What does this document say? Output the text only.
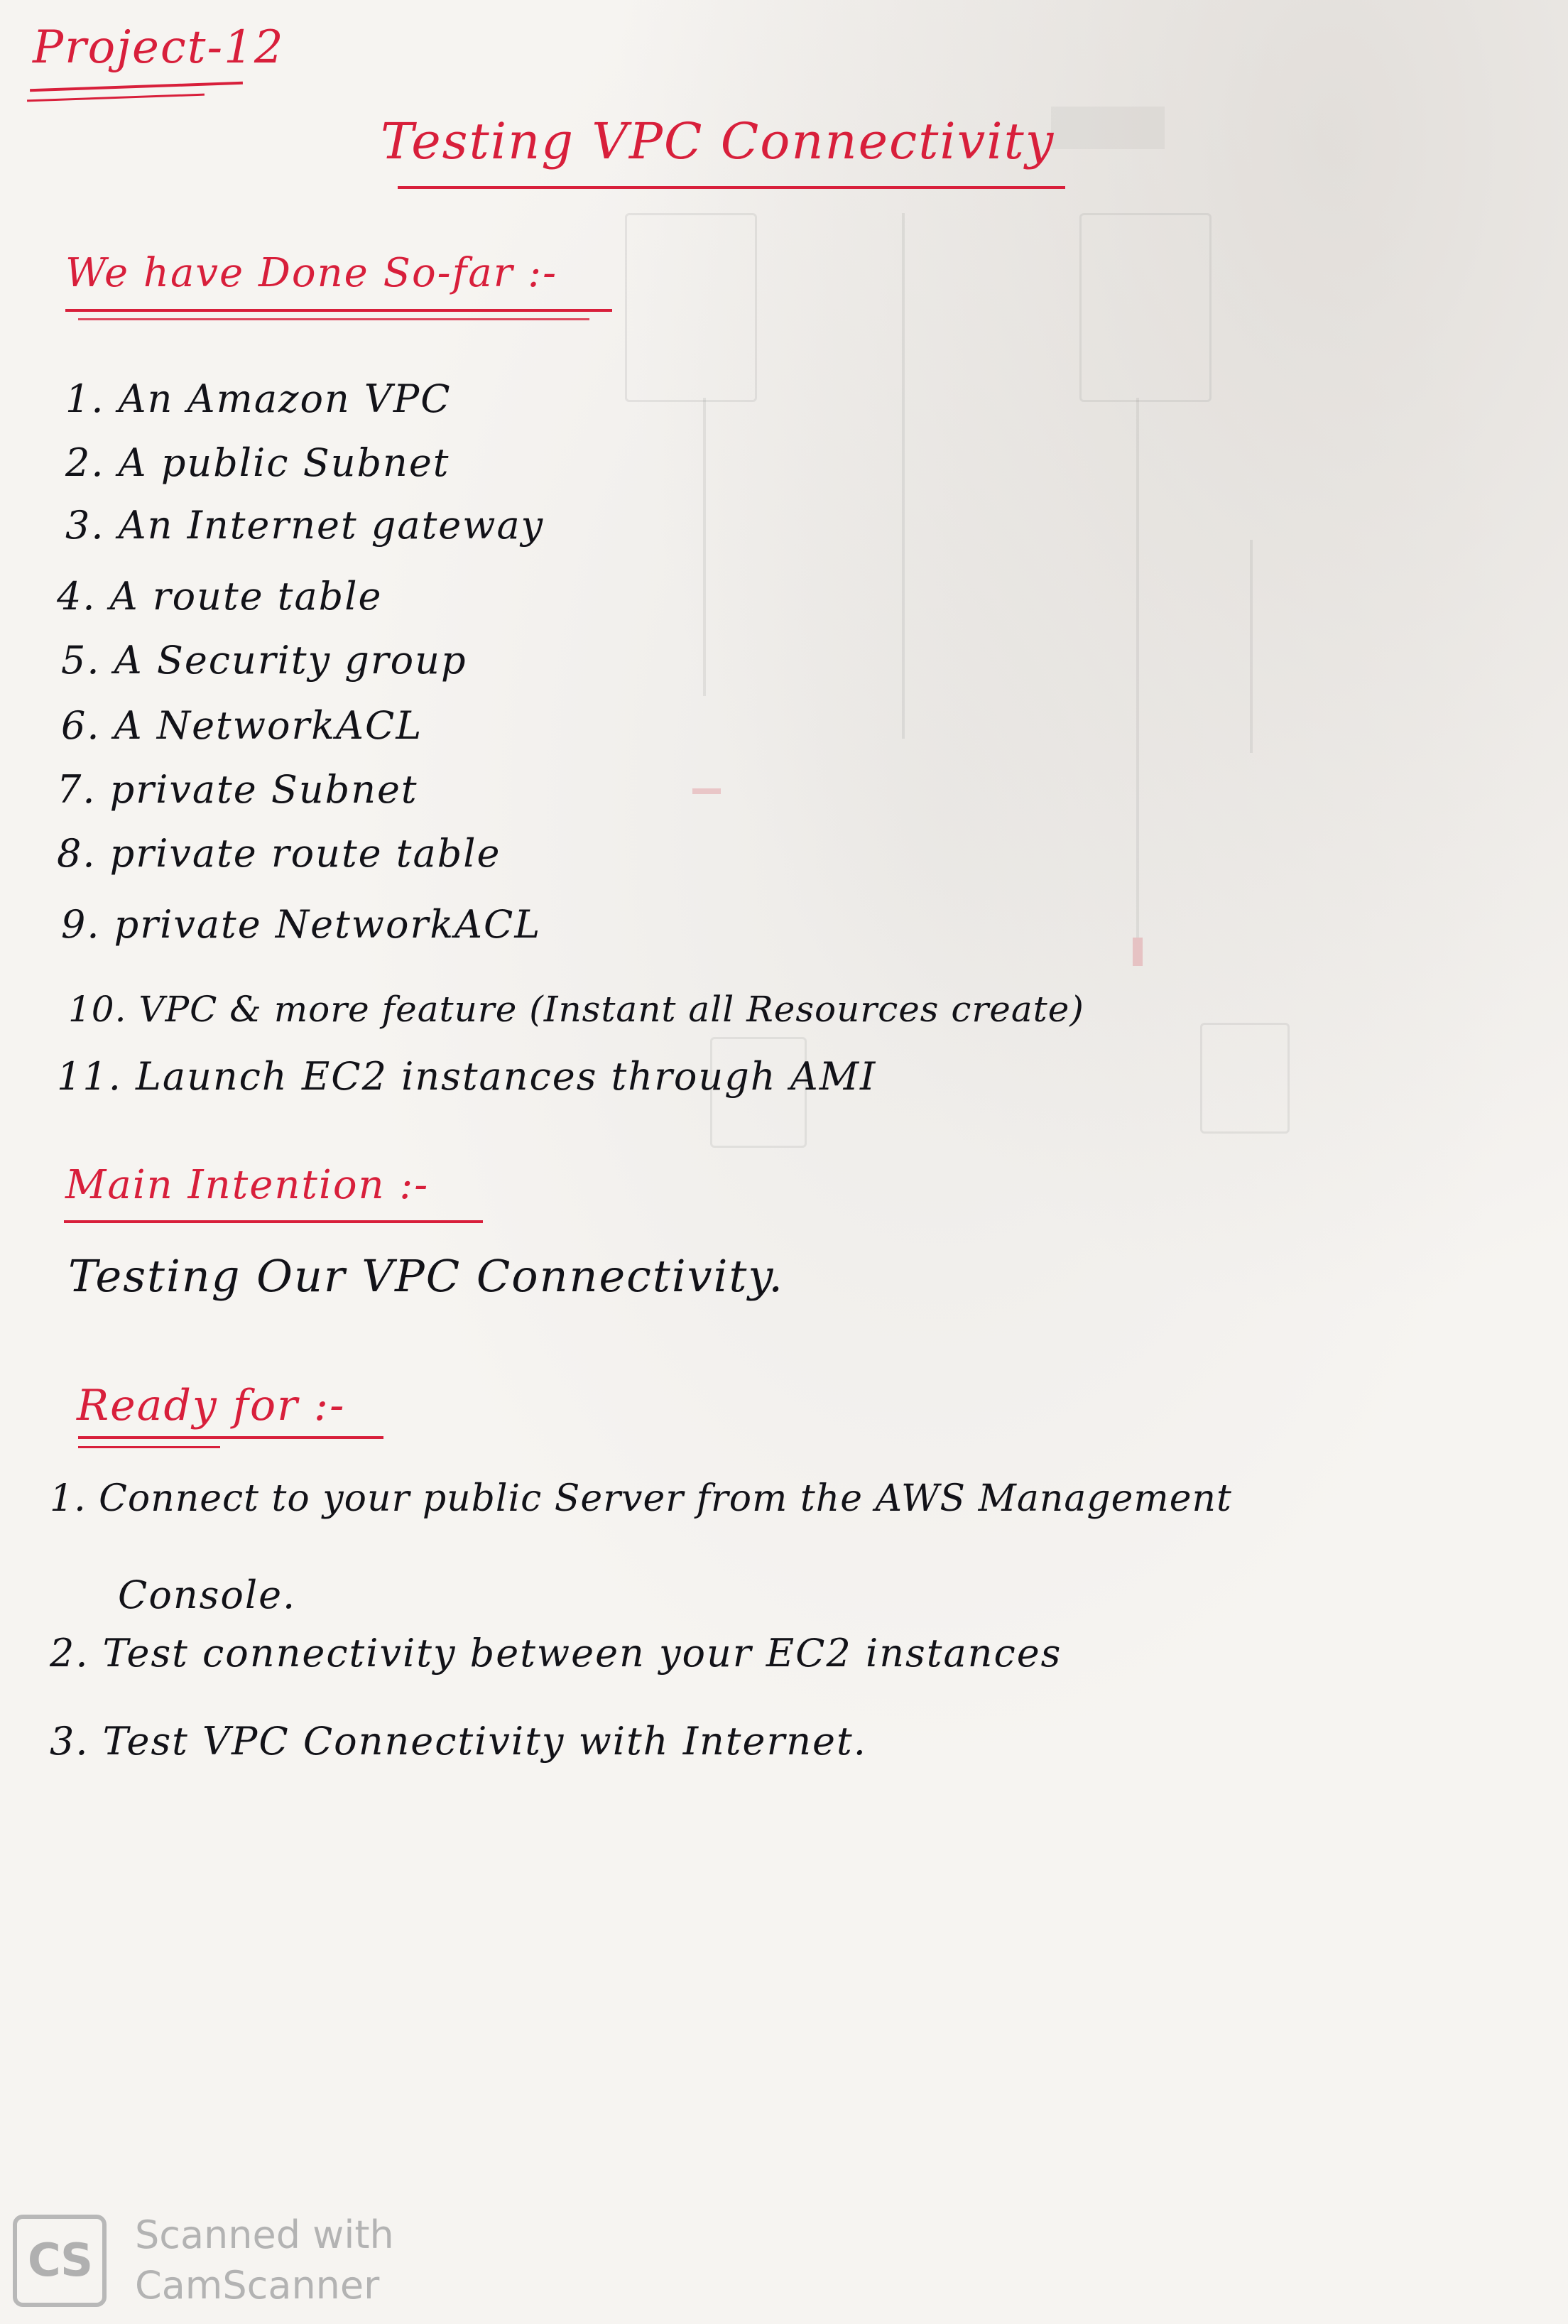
Project-12
Testing VPC Connectivity
We have Done So-far :-
1. An Amazon VPC
2. A public Subnet
3. An Internet gateway
4. A route table
5. A Security group
6. A NetworkACL
7. private Subnet
8. private route table
9. private NetworkACL
10. VPC & more feature (Instant all Resources create)
11. Launch EC2 instances through AMI
Main Intention :-
Testing Our VPC Connectivity.
Ready for :-
1. Connect to your public Server from the AWS Management
Console.
2. Test connectivity between your EC2 instances
3. Test VPC Connectivity with Internet.
CS	Scanned with
CamScanner
